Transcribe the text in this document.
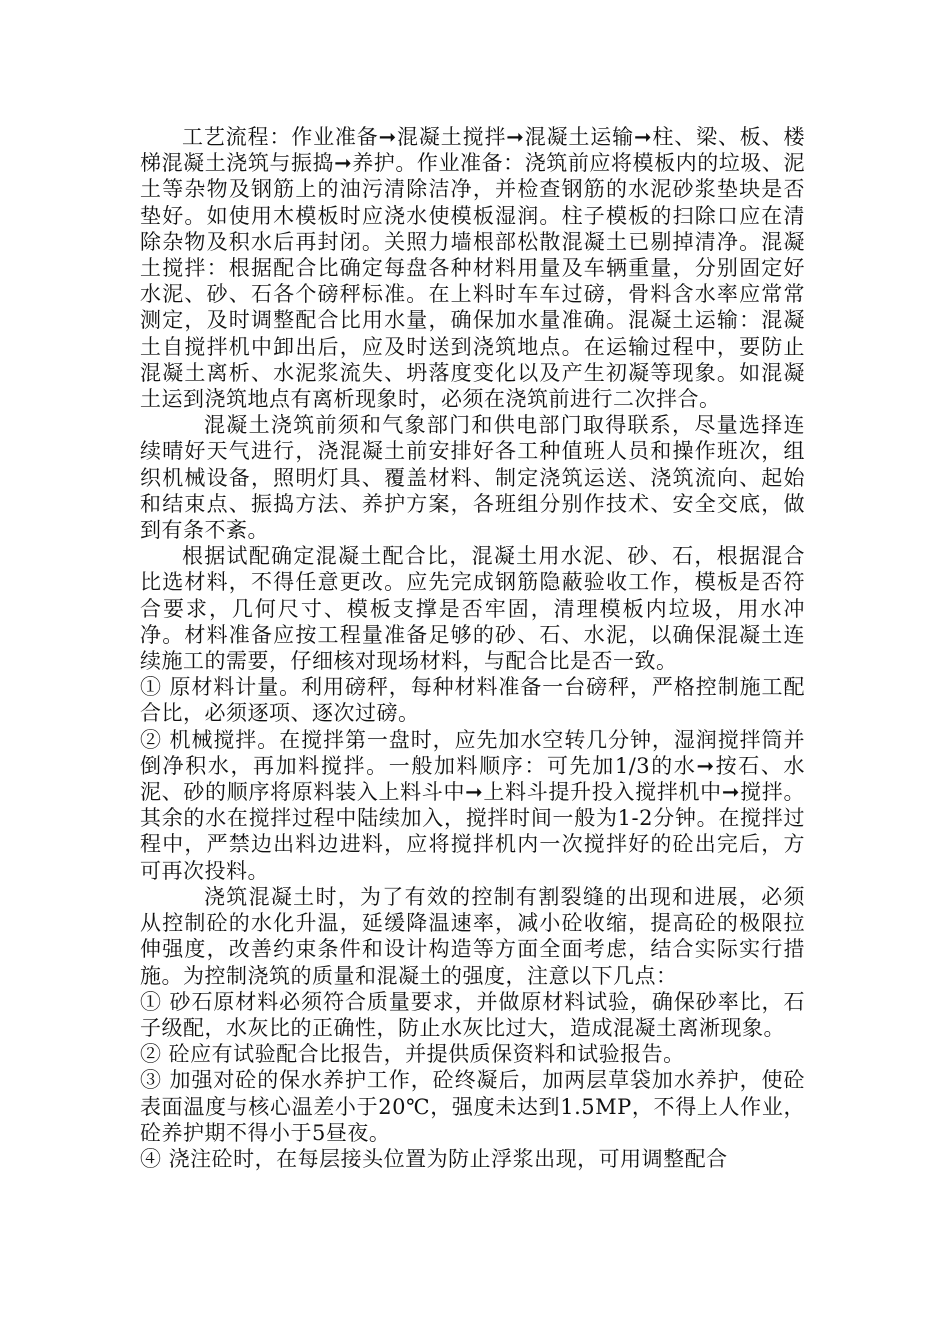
工艺流程：作业准备➞混凝土搅拌➞混凝土运输➞柱、梁、板、楼梯混凝土浇筑与振捣➞养护。作业准备：浇筑前应将模板内的垃圾、泥土等杂物及钢筋上的油污清除洁净，并检查钢筋的水泥砂浆垫块是否垫好。如使用木模板时应浇水使模板湿润。柱子模板的扫除口应在清除杂物及积水后再封闭。关照力墙根部松散混凝土已剔掉清净。混凝土搅拌：根据配合比确定每盘各种材料用量及车辆重量，分别固定好水泥、砂、石各个磅秤标准。在上料时车车过磅，骨料含水率应常常测定，及时调整配合比用水量，确保加水量准确。混凝土运输：混凝土自搅拌机中卸出后，应及时送到浇筑地点。在运输过程中，要防止混凝土离析、水泥浆流失、坍落度变化以及产生初凝等现象。如混凝土运到浇筑地点有离析现象时，必须在浇筑前进行二次拌合。

混凝土浇筑前须和气象部门和供电部门取得联系，尽量选择连续晴好天气进行，浇混凝土前安排好各工种值班人员和操作班次，组织机械设备，照明灯具、覆盖材料、制定浇筑运送、浇筑流向、起始和结束点、振捣方法、养护方案，各班组分别作技术、安全交底，做到有条不紊。

根据试配确定混凝土配合比，混凝土用水泥、砂、石，根据混合比选材料，不得任意更改。应先完成钢筋隐蔽验收工作，模板是否符合要求，几何尺寸、模板支撑是否牢固，清理模板内垃圾，用水冲净。材料准备应按工程量准备足够的砂、石、水泥，以确保混凝土连续施工的需要，仔细核对现场材料，与配合比是否一致。

① 原材料计量。利用磅秤，每种材料准备一台磅秤，严格控制施工配合比，必须逐项、逐次过磅。

② 机械搅拌。在搅拌第一盘时，应先加水空转几分钟，湿润搅拌筒并倒净积水，再加料搅拌。一般加料顺序：可先加1/3的水➞按石、水泥、砂的顺序将原料装入上料斗中➞上料斗提升投入搅拌机中➞搅拌。其余的水在搅拌过程中陆续加入，搅拌时间一般为1-2分钟。在搅拌过程中，严禁边出料边进料，应将搅拌机内一次搅拌好的砼出完后，方可再次投料。

浇筑混凝土时，为了有效的控制有割裂缝的出现和进展，必须从控制砼的水化升温，延缓降温速率，减小砼收缩，提高砼的极限拉伸强度，改善约束条件和设计构造等方面全面考虑，结合实际实行措施。为控制浇筑的质量和混凝土的强度，注意以下几点：

① 砂石原材料必须符合质量要求，并做原材料试验，确保砂率比，石子级配，水灰比的正确性，防止水灰比过大，造成混凝土离淅现象。

② 砼应有试验配合比报告，并提供质保资料和试验报告。

③ 加强对砼的保水养护工作，砼终凝后，加两层草袋加水养护，使砼表面温度与核心温差小于20℃，强度未达到1.5MP，不得上人作业，砼养护期不得小于5昼夜。

④ 浇注砼时，在每层接头位置为防止浮浆出现，可用调整配合
